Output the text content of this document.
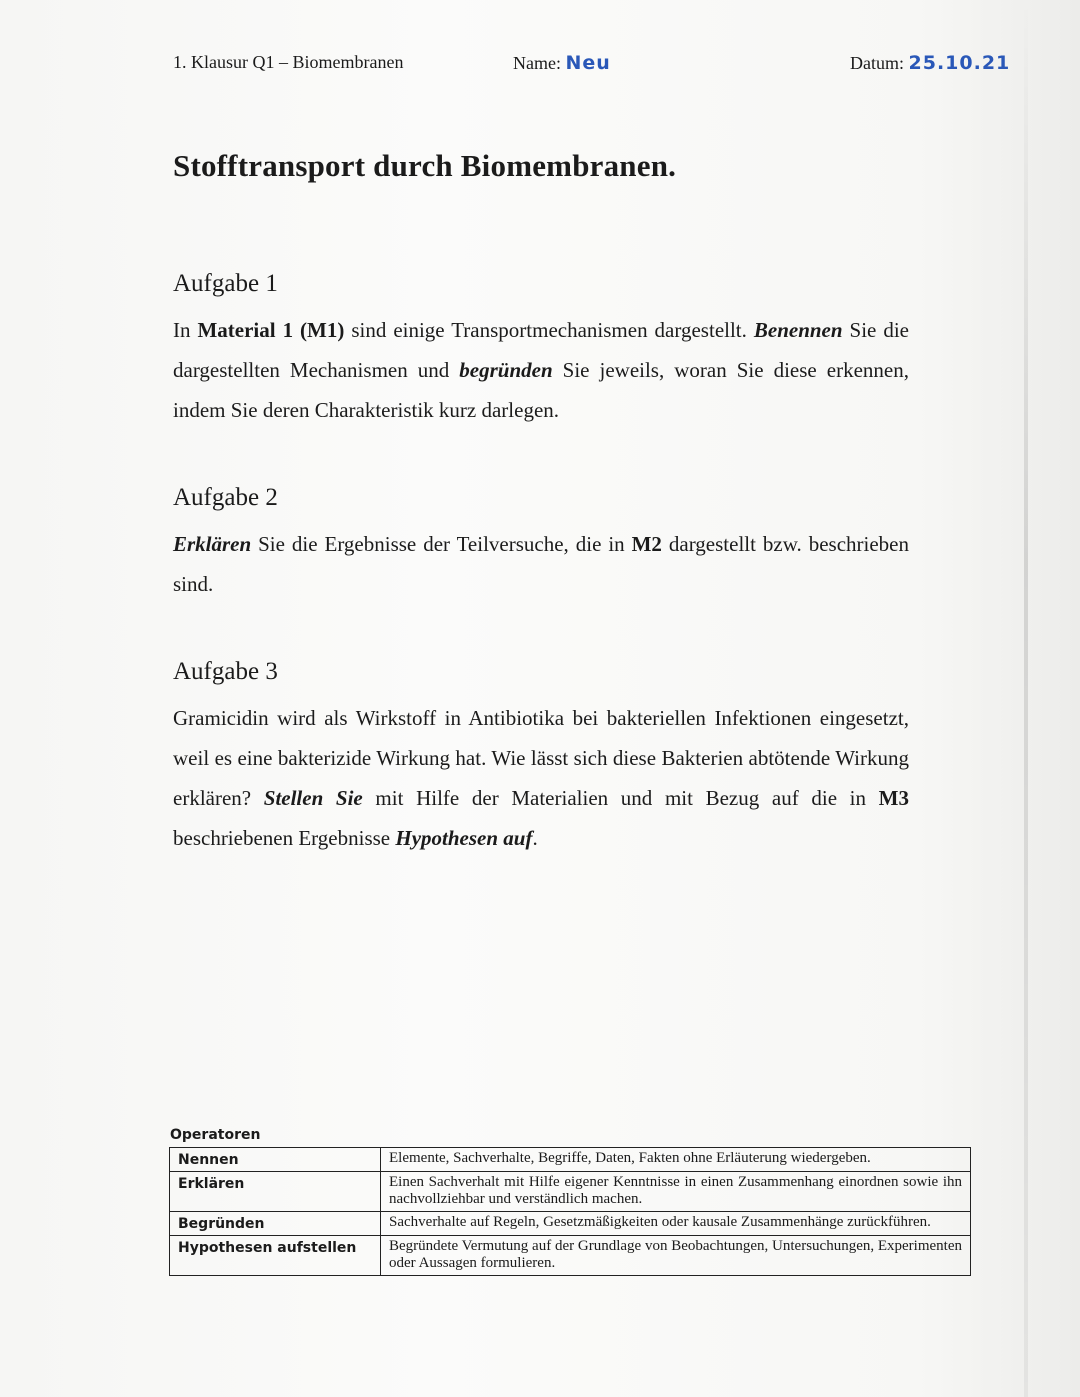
1. Klausur Q1 – Biomembranen	Name: Neu	Datum: 25.10.21
Stofftransport durch Biomembranen.
Aufgabe 1

In Material 1 (M1) sind einige Transportmechanismen dargestellt. Benennen Sie die dargestellten Mechanismen und begründen Sie jeweils, woran Sie diese erkennen, indem Sie deren Charakteristik kurz darlegen.

Aufgabe 2

Erklären Sie die Ergebnisse der Teilversuche, die in M2 dargestellt bzw. beschrieben sind.

Aufgabe 3

Gramicidin wird als Wirkstoff in Antibiotika bei bakteriellen Infektionen eingesetzt, weil es eine bakterizide Wirkung hat. Wie lässt sich diese Bakterien abtötende Wirkung erklären? Stellen Sie mit Hilfe der Materialien und mit Bezug auf die in M3 beschriebenen Ergebnisse Hypothesen auf.

Operatoren
Nennen	Elemente, Sachverhalte, Begriffe, Daten, Fakten ohne Erläuterung wiedergeben.
Erklären	Einen Sachverhalt mit Hilfe eigener Kenntnisse in einen Zusammenhang einordnen sowie ihn nachvollziehbar und verständlich machen.
Begründen	Sachverhalte auf Regeln, Gesetzmäßigkeiten oder kausale Zusammenhänge zurückführen.
Hypothesen aufstellen	Begründete Vermutung auf der Grundlage von Beobachtungen, Untersuchungen, Experimenten oder Aussagen formulieren.
